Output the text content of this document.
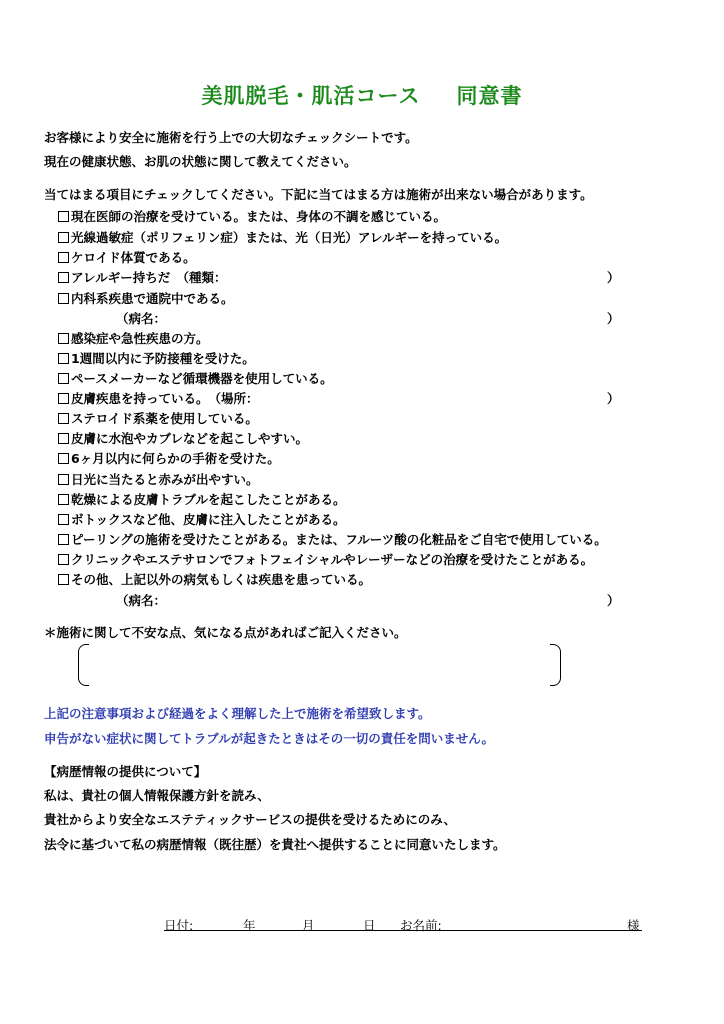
美肌脱毛・肌活コース 同意書
お客様により安全に施術を行う上での大切なチェックシートです。
現在の健康状態、お肌の状態に関して教えてください。
当てはまる項目にチェックしてください。下記に当てはまる方は施術が出来ない場合があります。
現在医師の治療を受けている。または、身体の不調を感じている。
光線過敏症（ポリフェリン症）または、光（日光）アレルギーを持っている。
ケロイド体質である。
アレルギー持ちだ　（種類：	）
内科系疾患で通院中である。
（病名：	）
感染症や急性疾患の方。
1週間以内に予防接種を受けた。
ペースメーカーなど循環機器を使用している。
皮膚疾患を持っている。　（場所：	）
ステロイド系薬を使用している。
皮膚に水泡やカブレなどを起こしやすい。
6ヶ月以内に何らかの手術を受けた。
日光に当たると赤みが出やすい。
乾燥による皮膚トラブルを起こしたことがある。
ボトックスなど他、皮膚に注入したことがある。
ピーリングの施術を受けたことがある。または、フルーツ酸の化粧品をご自宅で使用している。
クリニックやエステサロンでフォトフェイシャルやレーザーなどの治療を受けたことがある。
その他、上記以外の病気もしくは疾患を患っている。
（病名：	）
＊施術に関して不安な点、気になる点があればご記入ください。
上記の注意事項および経過をよく理解した上で施術を希望致します。
申告がない症状に関してトラブルが起きたときはその一切の責任を問いません。
【病歴情報の提供について】
私は、貴社の個人情報保護方針を読み、
貴社からより安全なエステティックサービスの提供を受けるためにのみ、
法令に基づいて私の病歴情報（既往歴）を貴社へ提供することに同意いたします。
日付:	年	月	日 お名前:	様
